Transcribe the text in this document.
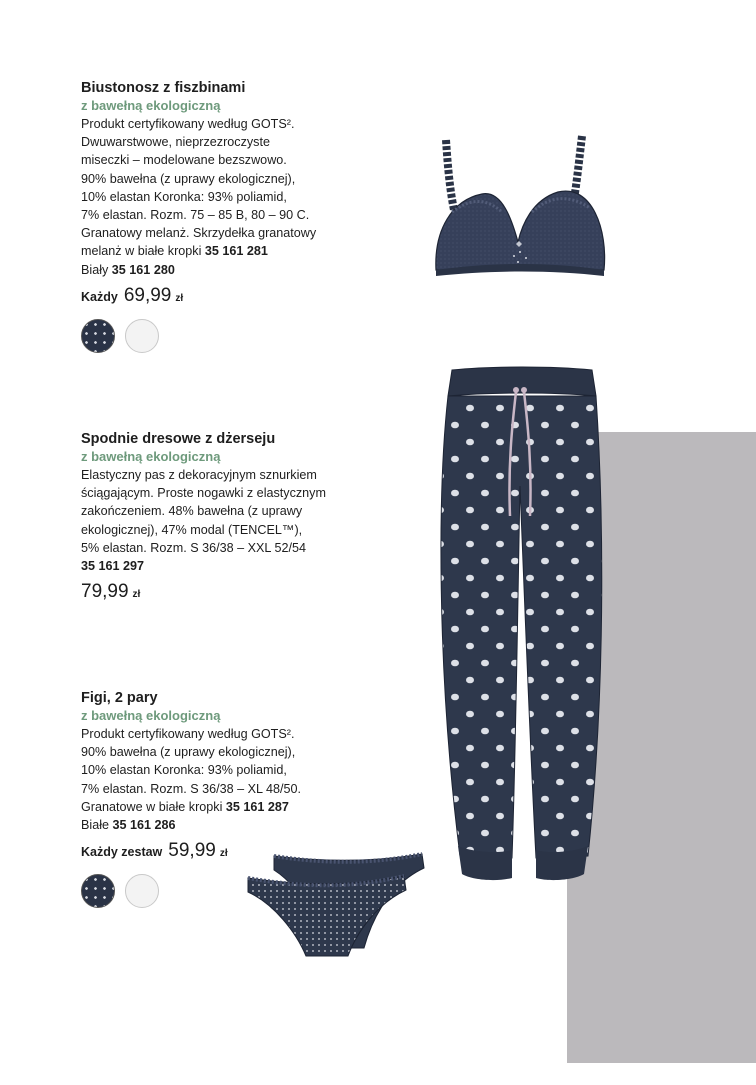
Biustonosz z fiszbinami
z bawełną ekologiczną
Produkt certyfikowany według GOTS².
Dwuwarstwowe, nieprzezroczyste
miseczki – modelowane bezszwowo.
90% bawełna (z uprawy ekologicznej),
10% elastan Koronka: 93% poliamid,
7% elastan. Rozm. 75 – 85 B, 80 – 90 C.
Granatowy melanż. Skrzydełka granatowy
melanż w białe kropki 35 161 281
Biały 35 161 280
Każdy 69,99 zł
Spodnie dresowe z dżerseju
z bawełną ekologiczną
Elastyczny pas z dekoracyjnym sznurkiem
ściągającym. Proste nogawki z elastycznym
zakończeniem. 48% bawełna (z uprawy
ekologicznej), 47% modal (TENCEL™),
5% elastan. Rozm. S 36/38 – XXL 52/54
35 161 297
79,99 zł
Figi, 2 pary
z bawełną ekologiczną
Produkt certyfikowany według GOTS².
90% bawełna (z uprawy ekologicznej),
10% elastan Koronka: 93% poliamid,
7% elastan. Rozm. S 36/38 – XL 48/50.
Granatowe w białe kropki 35 161 287
Białe 35 161 286
Każdy zestaw 59,99 zł
